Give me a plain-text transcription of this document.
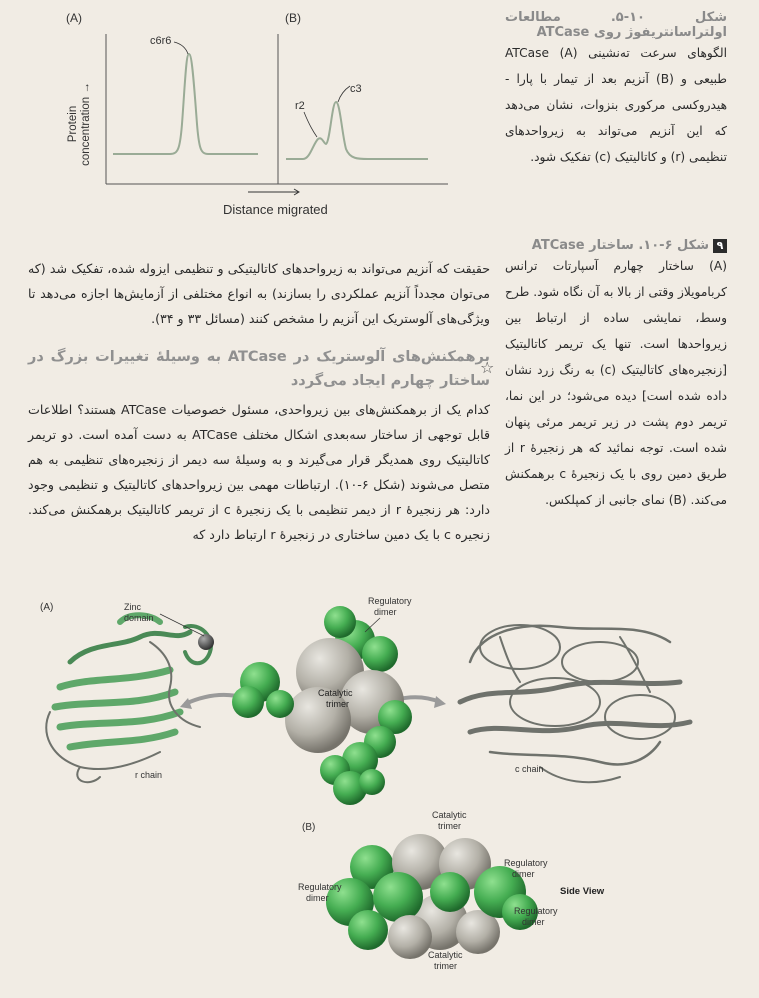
(A)	(B)
Protein concentration →
c6r6
r2
c3
Distance migrated
شکل ۱۰-۵. مطالعات اولتراسانتریفوژ روی ATCase
الگوهای سرعت ته‌نشینی (A) ATCase طبیعی و (B) آنزیم بعد از تیمار با پارا - هیدروکسی مرکوری بنزوات، نشان می‌دهد که این آنزیم می‌تواند به زیرواحدهای تنظیمی (r) و کاتالیتیک (c) تفکیک شود.
۹شکل ۶-۱۰. ساختار ATCase
(A) ساختار چهارم آسپارتات ترانس کربامویلاز وقتی از بالا به آن نگاه شود. طرح وسط، نمایشی ساده از ارتباط بین زیرواحدها است. تنها یک تریمر کاتالیتیک [زنجیره‌های کاتالیتیک (c) به رنگ زرد نشان داده شده است] دیده می‌شود؛ در این نما، تریمر دوم پشت در زیر تریمر مرئی پنهان شده است. توجه نمائید که هر زنجیرهٔ r از طریق دمین روی با یک زنجیرهٔ c برهمکنش می‌کند. (B) نمای جانبی از کمپلکس.

حقیقت که آنزیم می‌تواند به زیرواحدهای کاتالیتیکی و تنظیمی ایزوله شده، تفکیک شد (که می‌توان مجدداً آنزیم عملکردی را بسازند) به انواع مختلفی از آزمایش‌ها اجازه می‌دهد تا ویژگی‌های آلوستریک این آنزیم را مشخص کنند (مسائل ۳۳ و ۳۴).

برهمکنش‌های آلوستریک در ATCase به وسیلهٔ تغییرات بزرگ در ساختار چهارم ایجاد می‌گردد

کدام یک از برهمکنش‌های بین زیرواحدی، مسئول خصوصیات ATCase هستند؟ اطلاعات قابل توجهی از ساختار سه‌بعدی اشکال مختلف ATCase به دست آمده است. دو تریمر کاتالیتیک روی همدیگر قرار می‌گیرند و به وسیلهٔ سه دیمر از زنجیره‌های تنظیمی به هم متصل می‌شوند (شکل ۶-۱۰). ارتباطات مهمی بین زیرواحدهای کاتالیتیک و تنظیمی وجود دارد: هر زنجیرهٔ r از دیمر تنظیمی با یک زنجیرهٔ c از تریمر کاتالیتیک برهمکنش می‌کند. زنجیره c با یک دمین ساختاری در زنجیرهٔ r ارتباط دارد که

☆
(A)
(B)
Zinc
domain
r chain
Regulatory
dimer
Catalytic
trimer
c chain
Catalytic
trimer
Regulatory
dimer
Regulatory
dimer
Regulatory
dimer
Catalytic
trimer
Side View
